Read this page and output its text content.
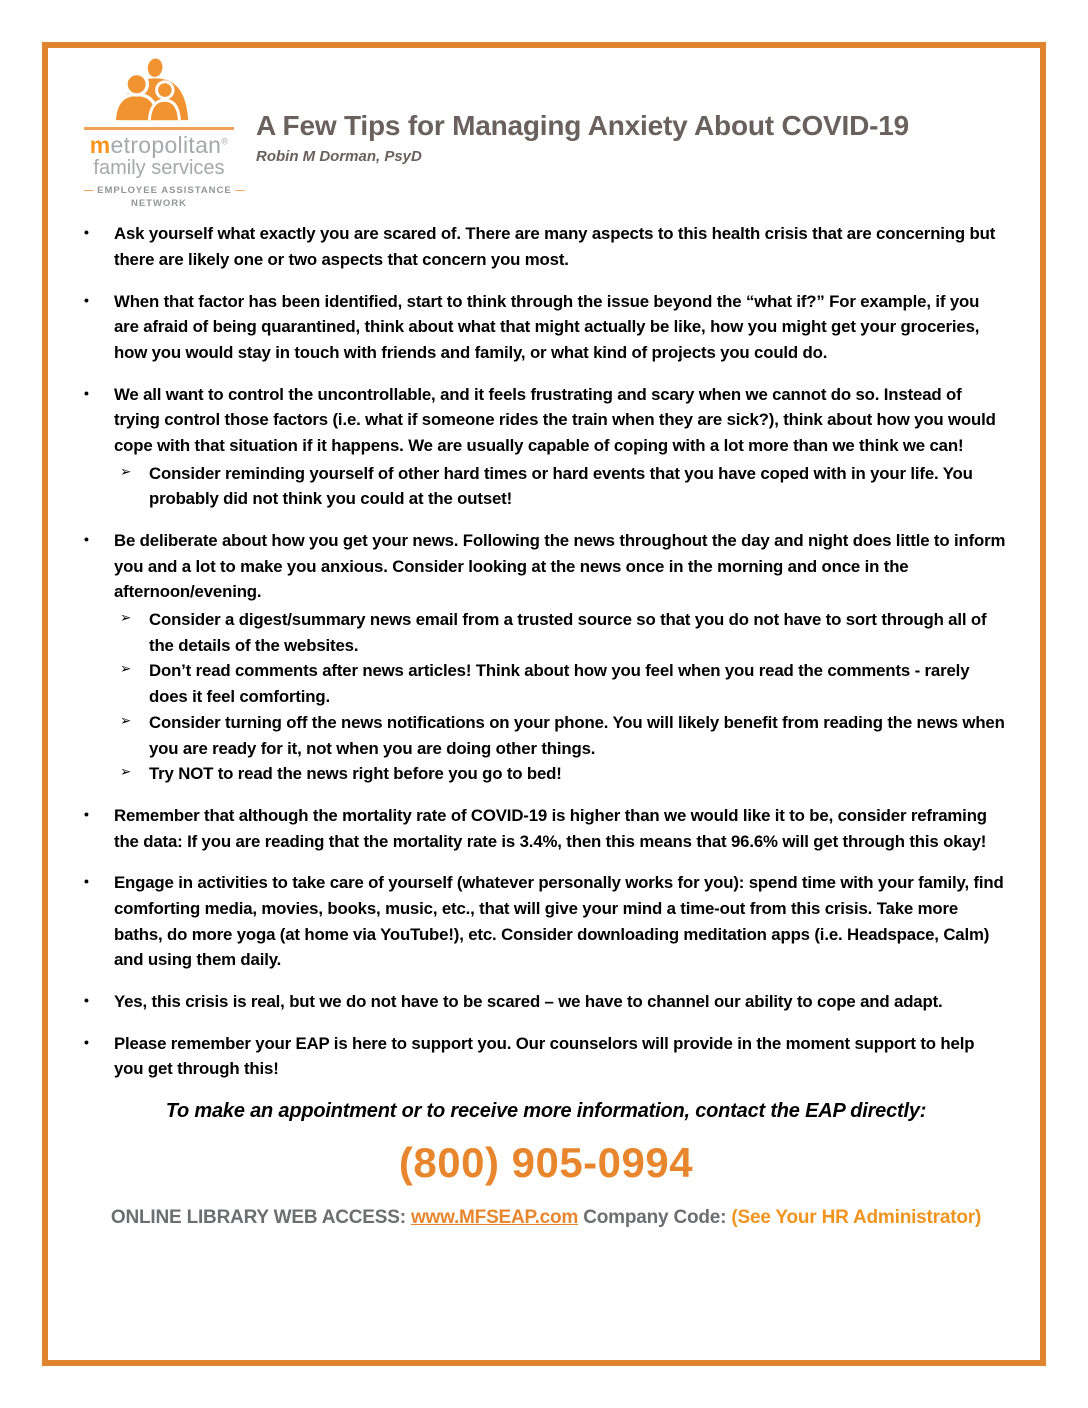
metropolitan®
family services
— EMPLOYEE ASSISTANCE —
NETWORK
A Few Tips for Managing Anxiety About COVID-19
Robin M Dorman, PsyD
•	Ask yourself what exactly you are scared of. There are many aspects to this health crisis that are concerning but there are likely one or two aspects that concern you most.
•	When that factor has been identified, start to think through the issue beyond the “what if?” For example, if you are afraid of being quarantined, think about what that might actually be like, how you might get your groceries, how you would stay in touch with friends and family, or what kind of projects you could do.
•	We all want to control the uncontrollable, and it feels frustrating and scary when we cannot do so. Instead of trying control those factors (i.e. what if someone rides the train when they are sick?), think about how you would cope with that situation if it happens. We are usually capable of coping with a lot more than we think we can!
➢	Consider reminding yourself of other hard times or hard events that you have coped with in your life. You probably did not think you could at the outset!
•	Be deliberate about how you get your news. Following the news throughout the day and night does little to inform you and a lot to make you anxious. Consider looking at the news once in the morning and once in the afternoon/evening.
➢	Consider a digest/summary news email from a trusted source so that you do not have to sort through all of the details of the websites.
➢	Don’t read comments after news articles! Think about how you feel when you read the comments - rarely does it feel comforting.
➢	Consider turning off the news notifications on your phone. You will likely benefit from reading the news when you are ready for it, not when you are doing other things.
➢	Try NOT to read the news right before you go to bed!
•	Remember that although the mortality rate of COVID-19 is higher than we would like it to be, consider reframing the data: If you are reading that the mortality rate is 3.4%, then this means that 96.6% will get through this okay!
•	Engage in activities to take care of yourself (whatever personally works for you): spend time with your family, find comforting media, movies, books, music, etc., that will give your mind a time-out from this crisis. Take more baths, do more yoga (at home via YouTube!), etc. Consider downloading meditation apps (i.e. Headspace, Calm) and using them daily.
•	Yes, this crisis is real, but we do not have to be scared – we have to channel our ability to cope and adapt.
•	Please remember your EAP is here to support you. Our counselors will provide in the moment support to help you get through this!

To make an appointment or to receive more information, contact the EAP directly:

(800) 905-0994
ONLINE LIBRARY WEB ACCESS: www.MFSEAP.com Company Code: (See Your HR Administrator)
